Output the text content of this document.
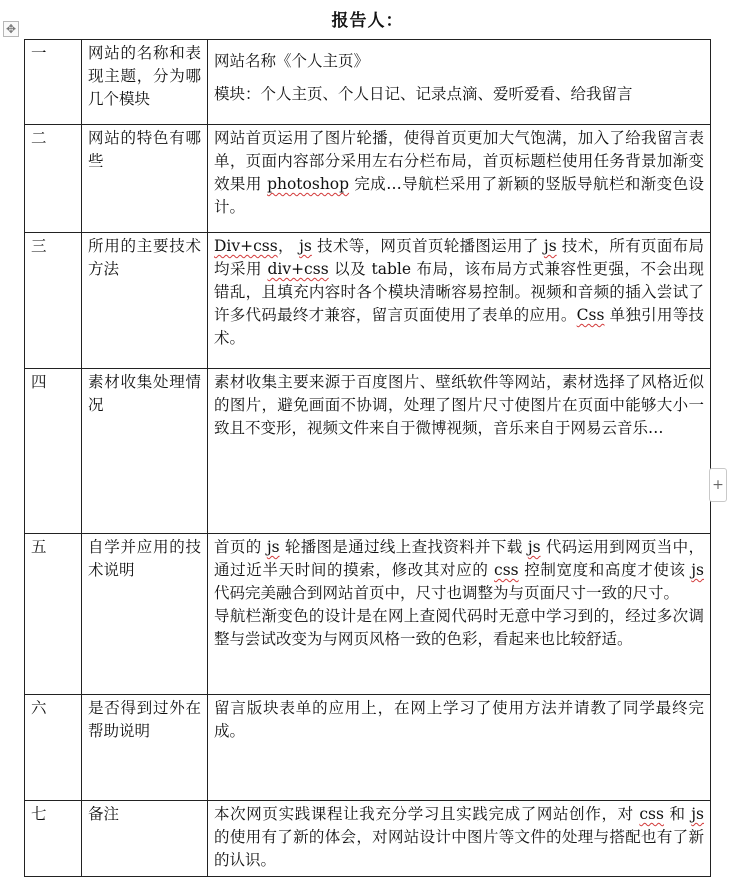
✥	报告人：
一	网站的名称和表现主题，分为哪几个模块	网站名称《个人主页》
模块：个人主页、个人日记、记录点滴、爱听爱看、给我留言

二	网站的特色有哪些	网站首页运用了图片轮播，使得首页更加大气饱满，加入了给我留言表单，页面内容部分采用左右分栏布局，首页标题栏使用任务背景加渐变效果用 photoshop 完成…导航栏采用了新颖的竖版导航栏和渐变色设计。
三	所用的主要技术方法	Div+css， js 技术等，网页首页轮播图运用了 js 技术，所有页面布局均采用 div+css 以及 table 布局，该布局方式兼容性更强，不会出现错乱，且填充内容时各个模块清晰容易控制。视频和音频的插入尝试了许多代码最终才兼容，留言页面使用了表单的应用。Css 单独引用等技术。
四	素材收集处理情况	素材收集主要来源于百度图片、壁纸软件等网站，素材选择了风格近似的图片，避免画面不协调，处理了图片尺寸使图片在页面中能够大小一致且不变形，视频文件来自于微博视频，音乐来自于网易云音乐…
五	自学并应用的技术说明	首页的 js 轮播图是通过线上查找资料并下载 js 代码运用到网页当中，通过近半天时间的摸索，修改其对应的 css 控制宽度和高度才使该 js 代码完美融合到网站首页中，尺寸也调整为与页面尺寸一致的尺寸。
导航栏渐变色的设计是在网上查阅代码时无意中学习到的，经过多次调整与尝试改变为与网页风格一致的色彩，看起来也比较舒适。

六	是否得到过外在帮助说明	留言版块表单的应用上，在网上学习了使用方法并请教了同学最终完成。
七	备注	本次网页实践课程让我充分学习且实践完成了网站创作，对 css 和 js 的使用有了新的体会，对网站设计中图片等文件的处理与搭配也有了新的认识。
+
